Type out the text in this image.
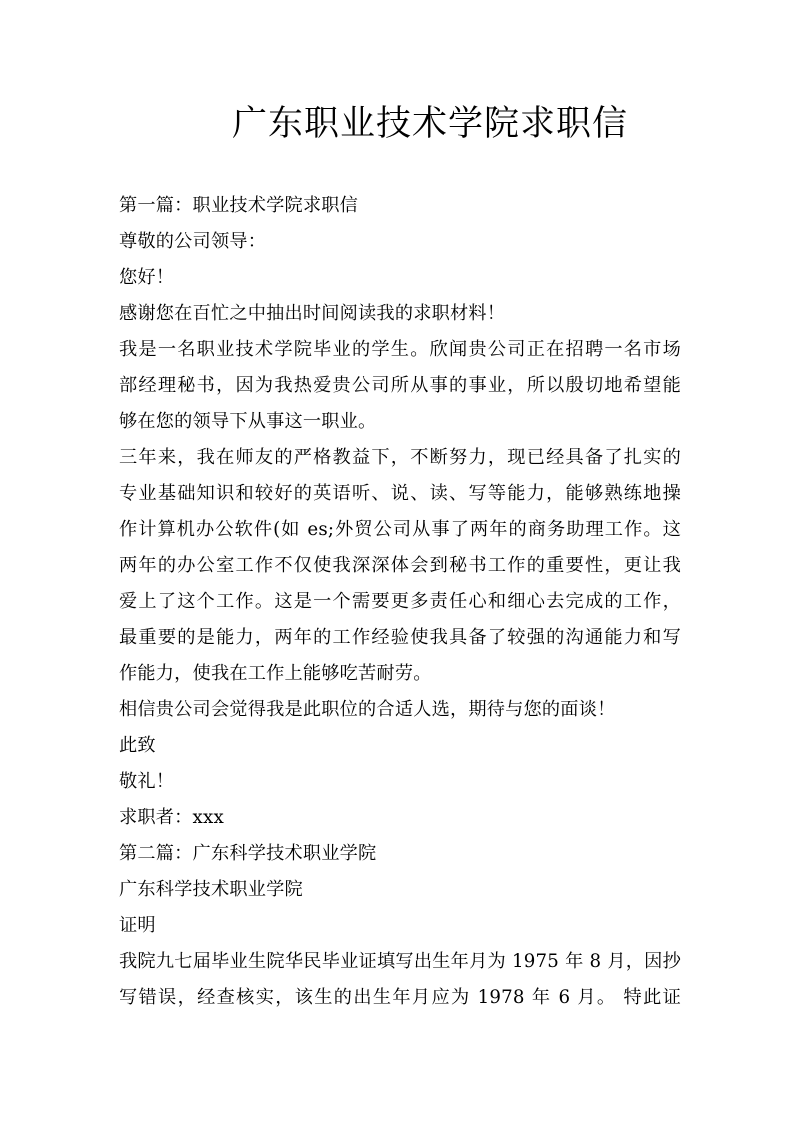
广东职业技术学院求职信
第一篇：职业技术学院求职信
尊敬的公司领导：
您好！
感谢您在百忙之中抽出时间阅读我的求职材料！
我是一名职业技术学院毕业的学生。欣闻贵公司正在招聘一名市场
部经理秘书，因为我热爱贵公司所从事的事业，所以殷切地希望能
够在您的领导下从事这一职业。
三年来，我在师友的严格教益下，不断努力，现已经具备了扎实的
专业基础知识和较好的英语听、说、读、写等能力，能够熟练地操
作计算机办公软件(如 es;外贸公司从事了两年的商务助理工作。这
两年的办公室工作不仅使我深深体会到秘书工作的重要性，更让我
爱上了这个工作。这是一个需要更多责任心和细心去完成的工作，
最重要的是能力，两年的工作经验使我具备了较强的沟通能力和写
作能力，使我在工作上能够吃苦耐劳。
相信贵公司会觉得我是此职位的合适人选，期待与您的面谈！
此致
敬礼！
求职者：xxx
第二篇：广东科学技术职业学院
广东科学技术职业学院
证明
我院九七届毕业生院华民毕业证填写出生年月为 1975 年 8 月，因抄
写错误，经查核实，该生的出生年月应为 1978 年 6 月。 特此证
